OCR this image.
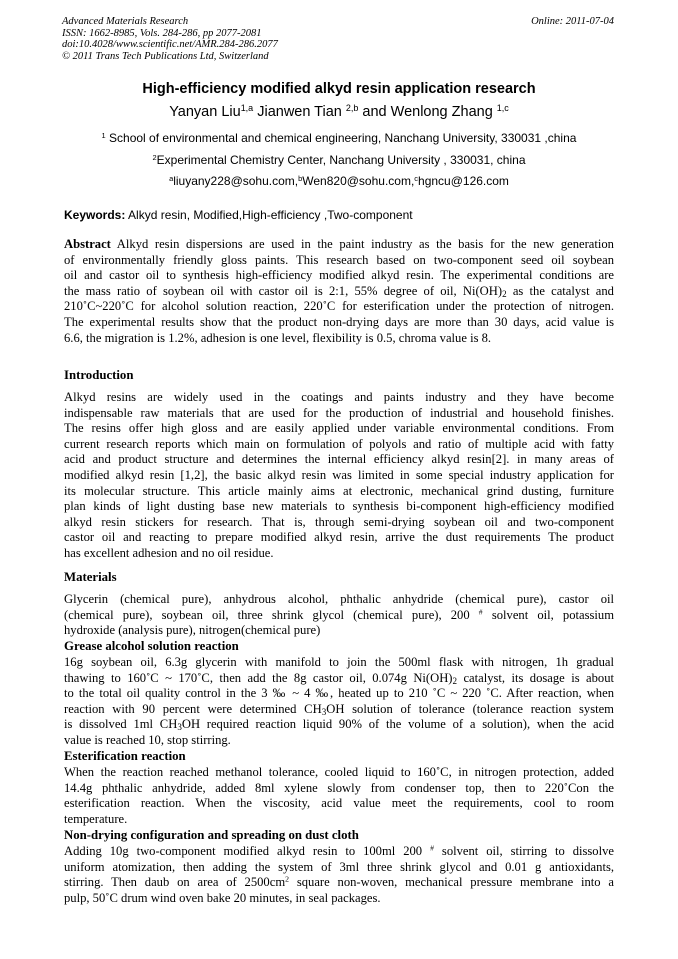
Advanced Materials Research
ISSN: 1662-8985, Vols. 284-286, pp 2077-2081
doi:10.4028/www.scientific.net/AMR.284-286.2077
© 2011 Trans Tech Publications Ltd, Switzerland
Online: 2011-07-04
High-efficiency modified alkyd resin application research
Yanyan Liu$^{1,a}$ Jianwen Tian $^{2,b}$ and Wenlong Zhang $^{1,c}$
$^1$ School of environmental and chemical engineering, Nanchang University, 330031 ,china
$^2$Experimental Chemistry Center, Nanchang University , 330031, china
$^a$liuyany228@sohu.com,$^b$Wen820@sohu.com,$^c$hgncu@126.com
Keywords: Alkyd resin, Modified,High-efficiency ,Two-component
Abstract Alkyd resin dispersions are used in the paint industry as the basis for the new generation
of environmentally friendly gloss paints. This research based on two-component seed oil soybean
oil and castor oil to synthesis high-efficiency modified alkyd resin. The experimental conditions are
the mass ratio of soybean oil with castor oil is 2:1, 55% degree of oil, $Ni(OH)_2$ as the catalyst and
210˚C~220˚C for alcohol solution reaction, 220˚C for esterification under the protection of nitrogen.
The experimental results show that the product non-drying days are more than 30 days, acid value is
6.6, the migration is 1.2%, adhesion is one level, flexibility is 0.5, chroma value is 8.
Introduction
Alkyd resins are widely used in the coatings and paints industry and they have become
indispensable raw materials that are used for the production of industrial and household finishes.
The resins offer high gloss and are easily applied under variable environmental conditions. From
current research reports which main on formulation of polyols and ratio of multiple acid with fatty
acid and product structure and determines the internal efficiency alkyd resin[2]. in many areas of
modified alkyd resin [1,2], the basic alkyd resin was limited in some special industry application for
its molecular structure. This article mainly aims at electronic, mechanical grind dusting, furniture
plan kinds of light dusting base new materials to synthesis bi-component high-efficiency modified
alkyd resin stickers for research. That is, through semi-drying soybean oil and two-component
castor oil and reacting to prepare modified alkyd resin, arrive the dust requirements The product
has excellent adhesion and no oil residue.
Materials
Glycerin (chemical pure), anhydrous alcohol, phthalic anhydride (chemical pure), castor oil
(chemical pure), soybean oil, three shrink glycol (chemical pure), 200 # solvent oil, potassium
hydroxide (analysis pure), nitrogen(chemical pure)
Grease alcohol solution reaction
16g soybean oil, 6.3g glycerin with manifold to join the 500ml flask with nitrogen, 1h gradual
thawing to 160˚C ~ 170˚C, then add the 8g castor oil, 0.074g $Ni(OH)_2$ catalyst, its dosage is about
to the total oil quality control in the 3 ‰ ~ 4 ‰, heated up to 210 ˚C ~ 220 ˚C. After reaction, when
reaction with 90 percent were determined $CH_3OH$ solution of tolerance (tolerance reaction system
is dissolved 1ml $CH_3OH$ required reaction liquid 90% of the volume of a solution), when the acid
value is reached 10, stop stirring.
Esterification reaction
When the reaction reached methanol tolerance, cooled liquid to 160˚C, in nitrogen protection, added
14.4g phthalic anhydride, added 8ml xylene slowly from condenser top, then to 220˚Con the
esterification reaction. When the viscosity, acid value meet the requirements, cool to room
temperature.
Non-drying configuration and spreading on dust cloth
Adding 10g two-component modified alkyd resin to 100ml 200 # solvent oil, stirring to dissolve
uniform atomization, then adding the system of 3ml three shrink glycol and 0.01 g antioxidants,
stirring. Then daub on area of $2500cm^2$ square non-woven, mechanical pressure membrane into a
pulp, 50˚C drum wind oven bake 20 minutes, in seal packages.
